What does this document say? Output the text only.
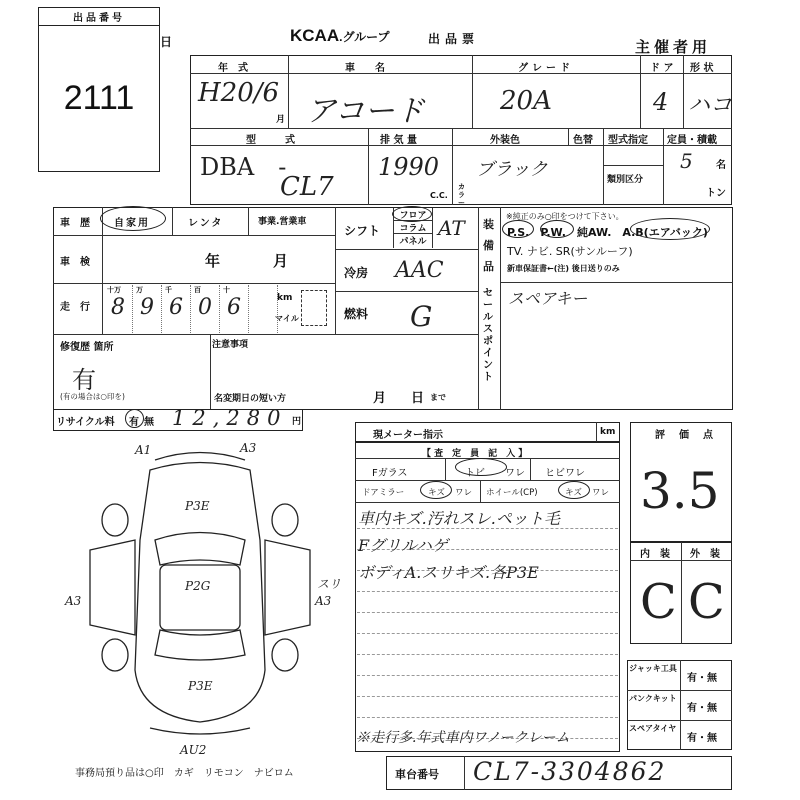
出品番号
2111
日	KCAA.グループ	出品票	主催者用
年　式
H20/6
月
車　　名
アコード
グレード
20A
ド ア
4
形 状
ハコ
型　　式
DBA　-
CL7
排 気 量
1990
C.C.
外装色	色替
ブラック
カラー
型式指定
類別区分
定員・積載
5 名
トン
車　歴 自家用	レンタ	事業.営業車
車　検	年	月
走　行
十万
8
万
9
千
6
百
0
十
6	km
マイル
シフト
フロア
コラム
パネル
AT
冷房 AAC
燃料 G
装備品
※純正のみ○印をつけて下さい。
P.S.　P.W.　純AW.　A.B(エアバック)
TV. ナビ. SR(サンルーフ)
新車保証書←(注) 後日送りのみ
セールスポイント
スペアキー
修復歴 箇所
有
(有の場合は○印を)
注意事項
名変期日の短い方	月 日 まで
リサイクル料 有 無 12,280 円
A1	A3
P3E
P2G
A3
スリ
A3
P3E
AU2
事務局預り品は○印　カギ　リモコン　ナビロム
現メーター指示	km
【 査　定　員　記　入 】
Fガラス	トビ ワレ ヒビワレ
ドアミラー	キズ ワレ ホイール(CP)	キズ ワレ
車内キズ.汚れスレ.ペット毛
Fグリルハゲ
ボディA.スリキズ.各P3E
※走行多.年式車内ワノークレーム
評　価　点
3.5
内　装 外　装
C C
ジャッキ工具
有・無
パンクキット
有・無
スペアタイヤ
有・無
車台番号 CL7-3304862
